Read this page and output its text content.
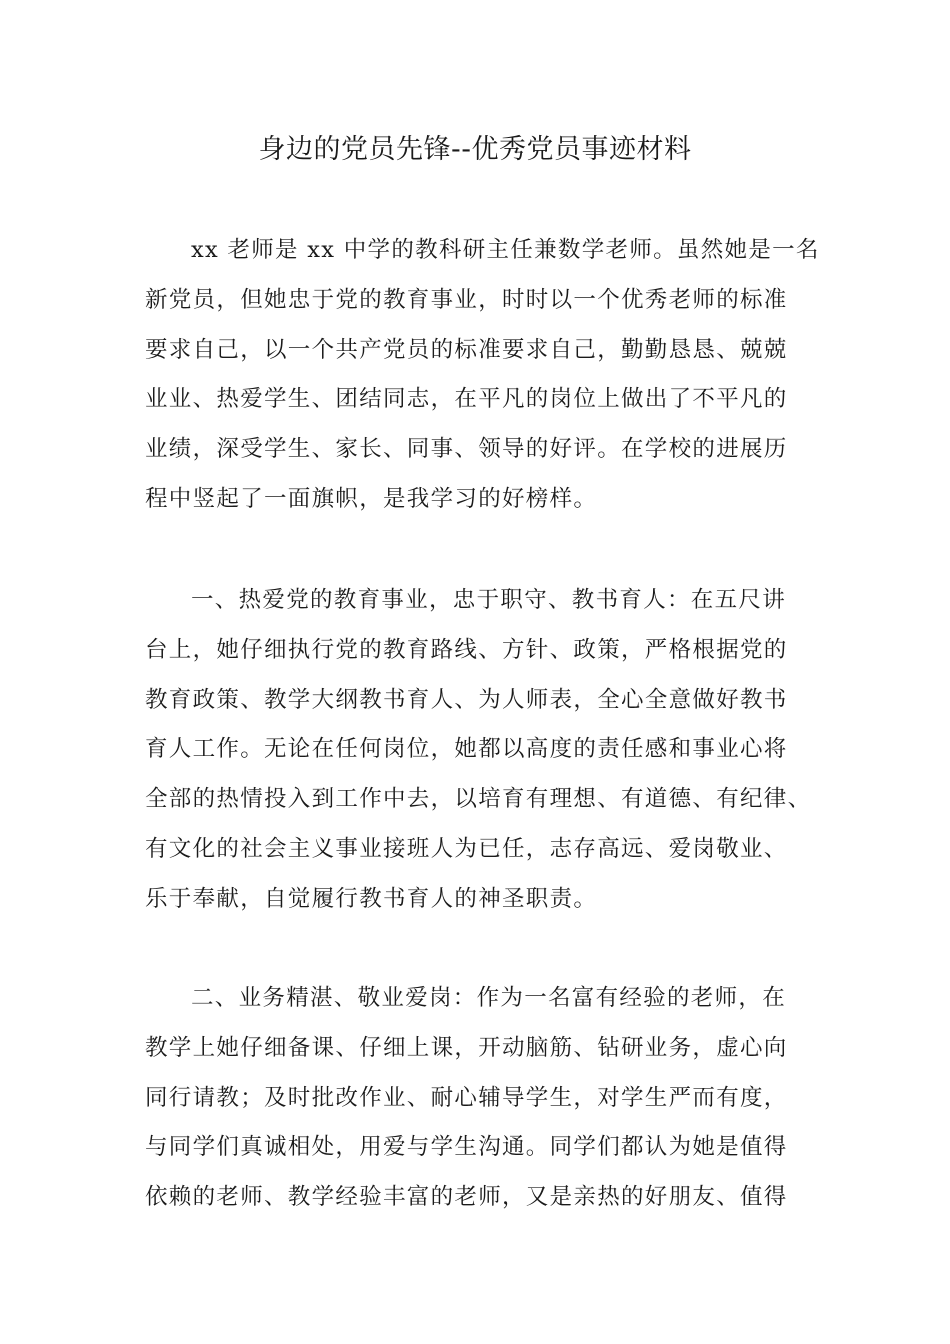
身边的党员先锋--优秀党员事迹材料
xx 老师是 xx 中学的教科研主任兼数学老师。虽然她是一名
新党员，但她忠于党的教育事业，时时以一个优秀老师的标准
要求自己，以一个共产党员的标准要求自己，勤勤恳恳、兢兢
业业、热爱学生、团结同志，在平凡的岗位上做出了不平凡的
业绩，深受学生、家长、同事、领导的好评。在学校的进展历
程中竖起了一面旗帜，是我学习的好榜样。
一、热爱党的教育事业，忠于职守、教书育人：在五尺讲
台上，她仔细执行党的教育路线、方针、政策，严格根据党的
教育政策、教学大纲教书育人、为人师表，全心全意做好教书
育人工作。无论在任何岗位，她都以高度的责任感和事业心将
全部的热情投入到工作中去，以培育有理想、有道德、有纪律、
有文化的社会主义事业接班人为已任，志存高远、爱岗敬业、
乐于奉献，自觉履行教书育人的神圣职责。
二、业务精湛、敬业爱岗：作为一名富有经验的老师，在
教学上她仔细备课、仔细上课，开动脑筋、钻研业务，虚心向
同行请教；及时批改作业、耐心辅导学生，对学生严而有度，
与同学们真诚相处，用爱与学生沟通。同学们都认为她是值得
依赖的老师、教学经验丰富的老师，又是亲热的好朋友、值得
